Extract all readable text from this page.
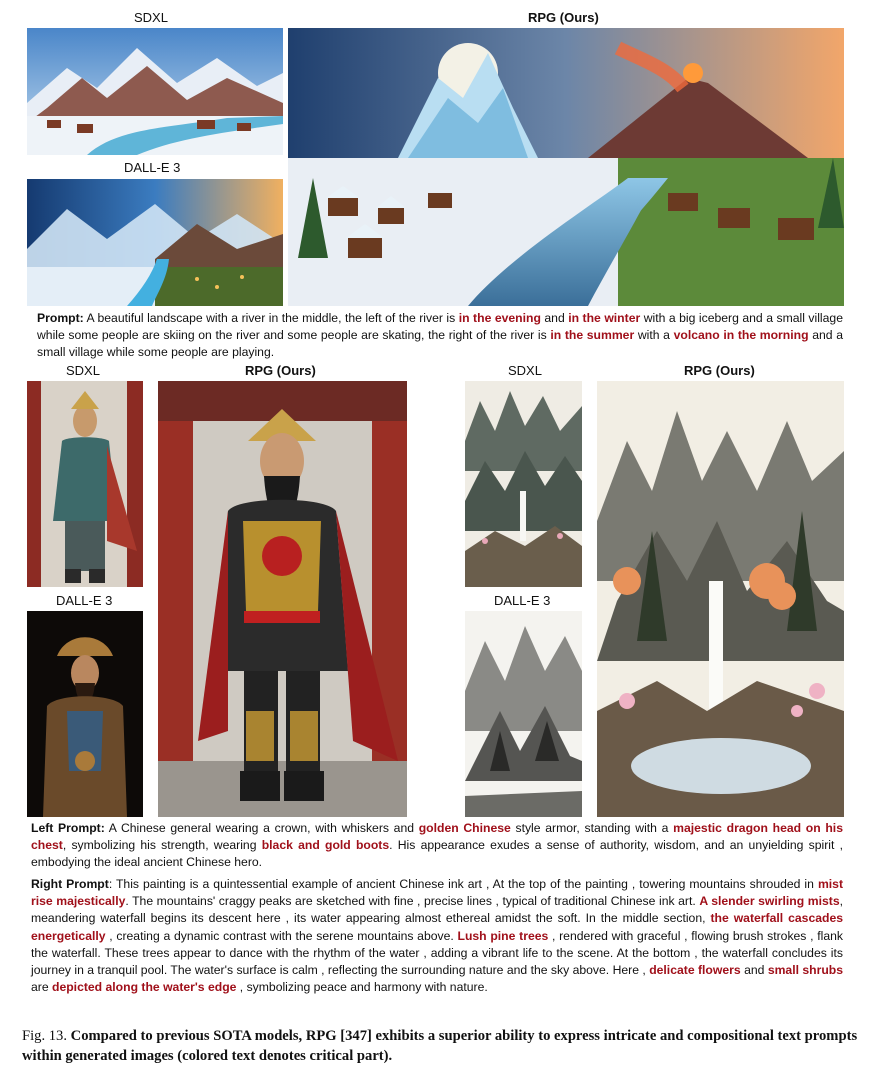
SDXL	RPG (Ours)
DALL-E 3
Prompt: A beautiful landscape with a river in the middle, the left of the river is in the evening and in the winter with a big iceberg and a small village while some people are skiing on the river and some people are skating, the right of the river is in the summer with a volcano in the morning and a small village while some people are playing.
SDXL	RPG (Ours)	SDXL	RPG (Ours)
DALL-E 3	DALL-E 3
Left Prompt: A Chinese general wearing a crown, with whiskers and golden Chinese style armor, standing with a majestic dragon head on his chest, symbolizing his strength, wearing black and gold boots. His appearance exudes a sense of authority, wisdom, and an unyielding spirit , embodying the ideal ancient Chinese hero.
Right Prompt: This painting is a quintessential example of ancient Chinese ink art , At the top of the painting , towering mountains shrouded in mist rise majestically. The mountains' craggy peaks are sketched with fine , precise lines , typical of traditional Chinese ink art. A slender swirling mists, meandering waterfall begins its descent here , its water appearing almost ethereal amidst the soft. In the middle section, the waterfall cascades energetically , creating a dynamic contrast with the serene mountains above. Lush pine trees , rendered with graceful , flowing brush strokes , flank the waterfall. These trees appear to dance with the rhythm of the water , adding a vibrant life to the scene. At the bottom , the waterfall concludes its journey in a tranquil pool. The water's surface is calm , reflecting the surrounding nature and the sky above. Here , delicate flowers and small shrubs are depicted along the water's edge , symbolizing peace and harmony with nature.
Fig. 13. Compared to previous SOTA models, RPG [347] exhibits a superior ability to express intricate and compositional text prompts within generated images (colored text denotes critical part).
